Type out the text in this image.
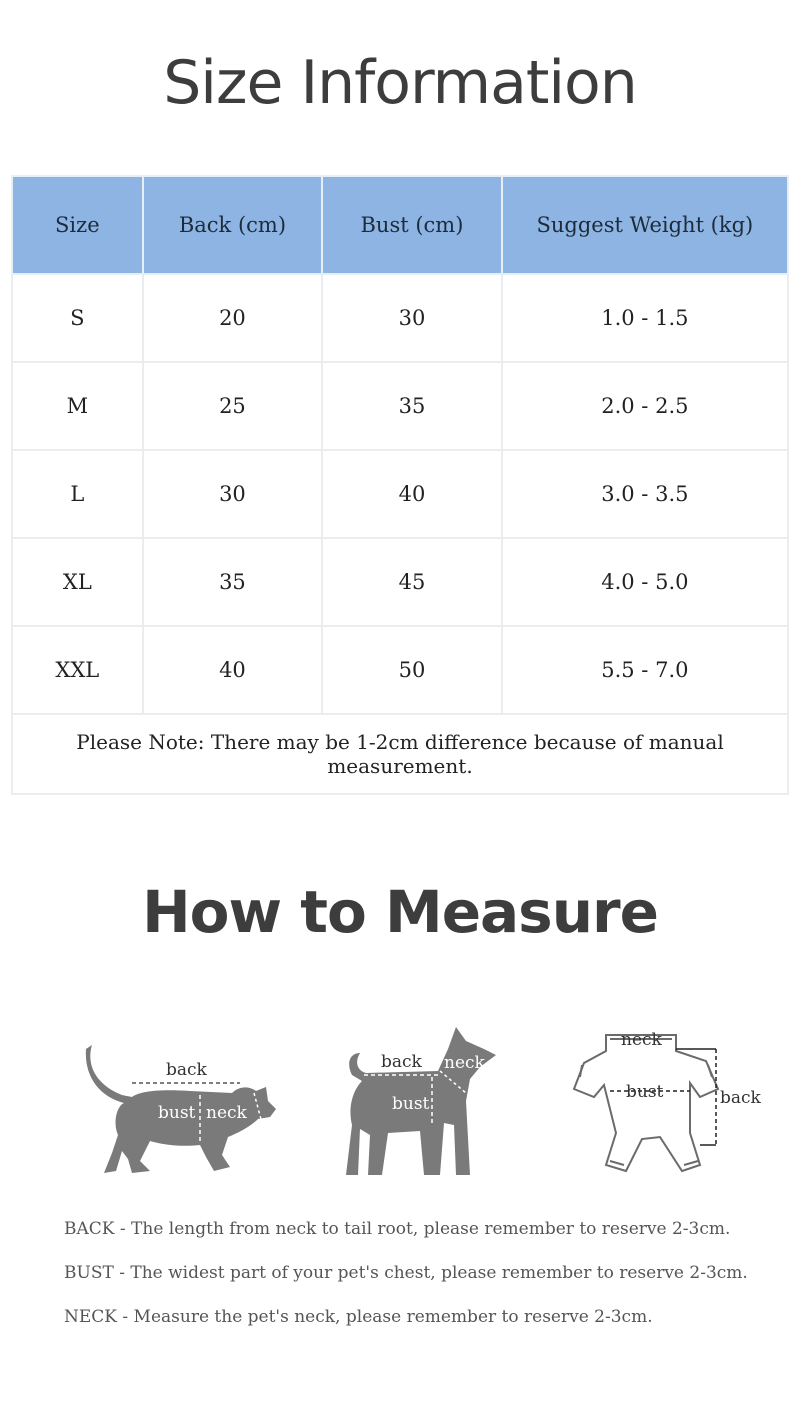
Size Information
Size	Back (cm)	Bust (cm)	Suggest Weight (kg)
S	20	30	1.0 - 1.5
M	25	35	2.0 - 2.5
L	30	40	3.0 - 3.5
XL	35	45	4.0 - 5.0
XXL	40	50	5.5 - 7.0
Please Note: There may be 1-2cm difference because of manual measurement.			
How to Measure
back
bust neck
back neck
bust
neck
bust	back

BACK - The length from neck to tail root, please remember to reserve 2-3cm.

BUST - The widest part of your pet's chest, please remember to reserve 2-3cm.

NECK - Measure the pet's neck, please remember to reserve 2-3cm.
